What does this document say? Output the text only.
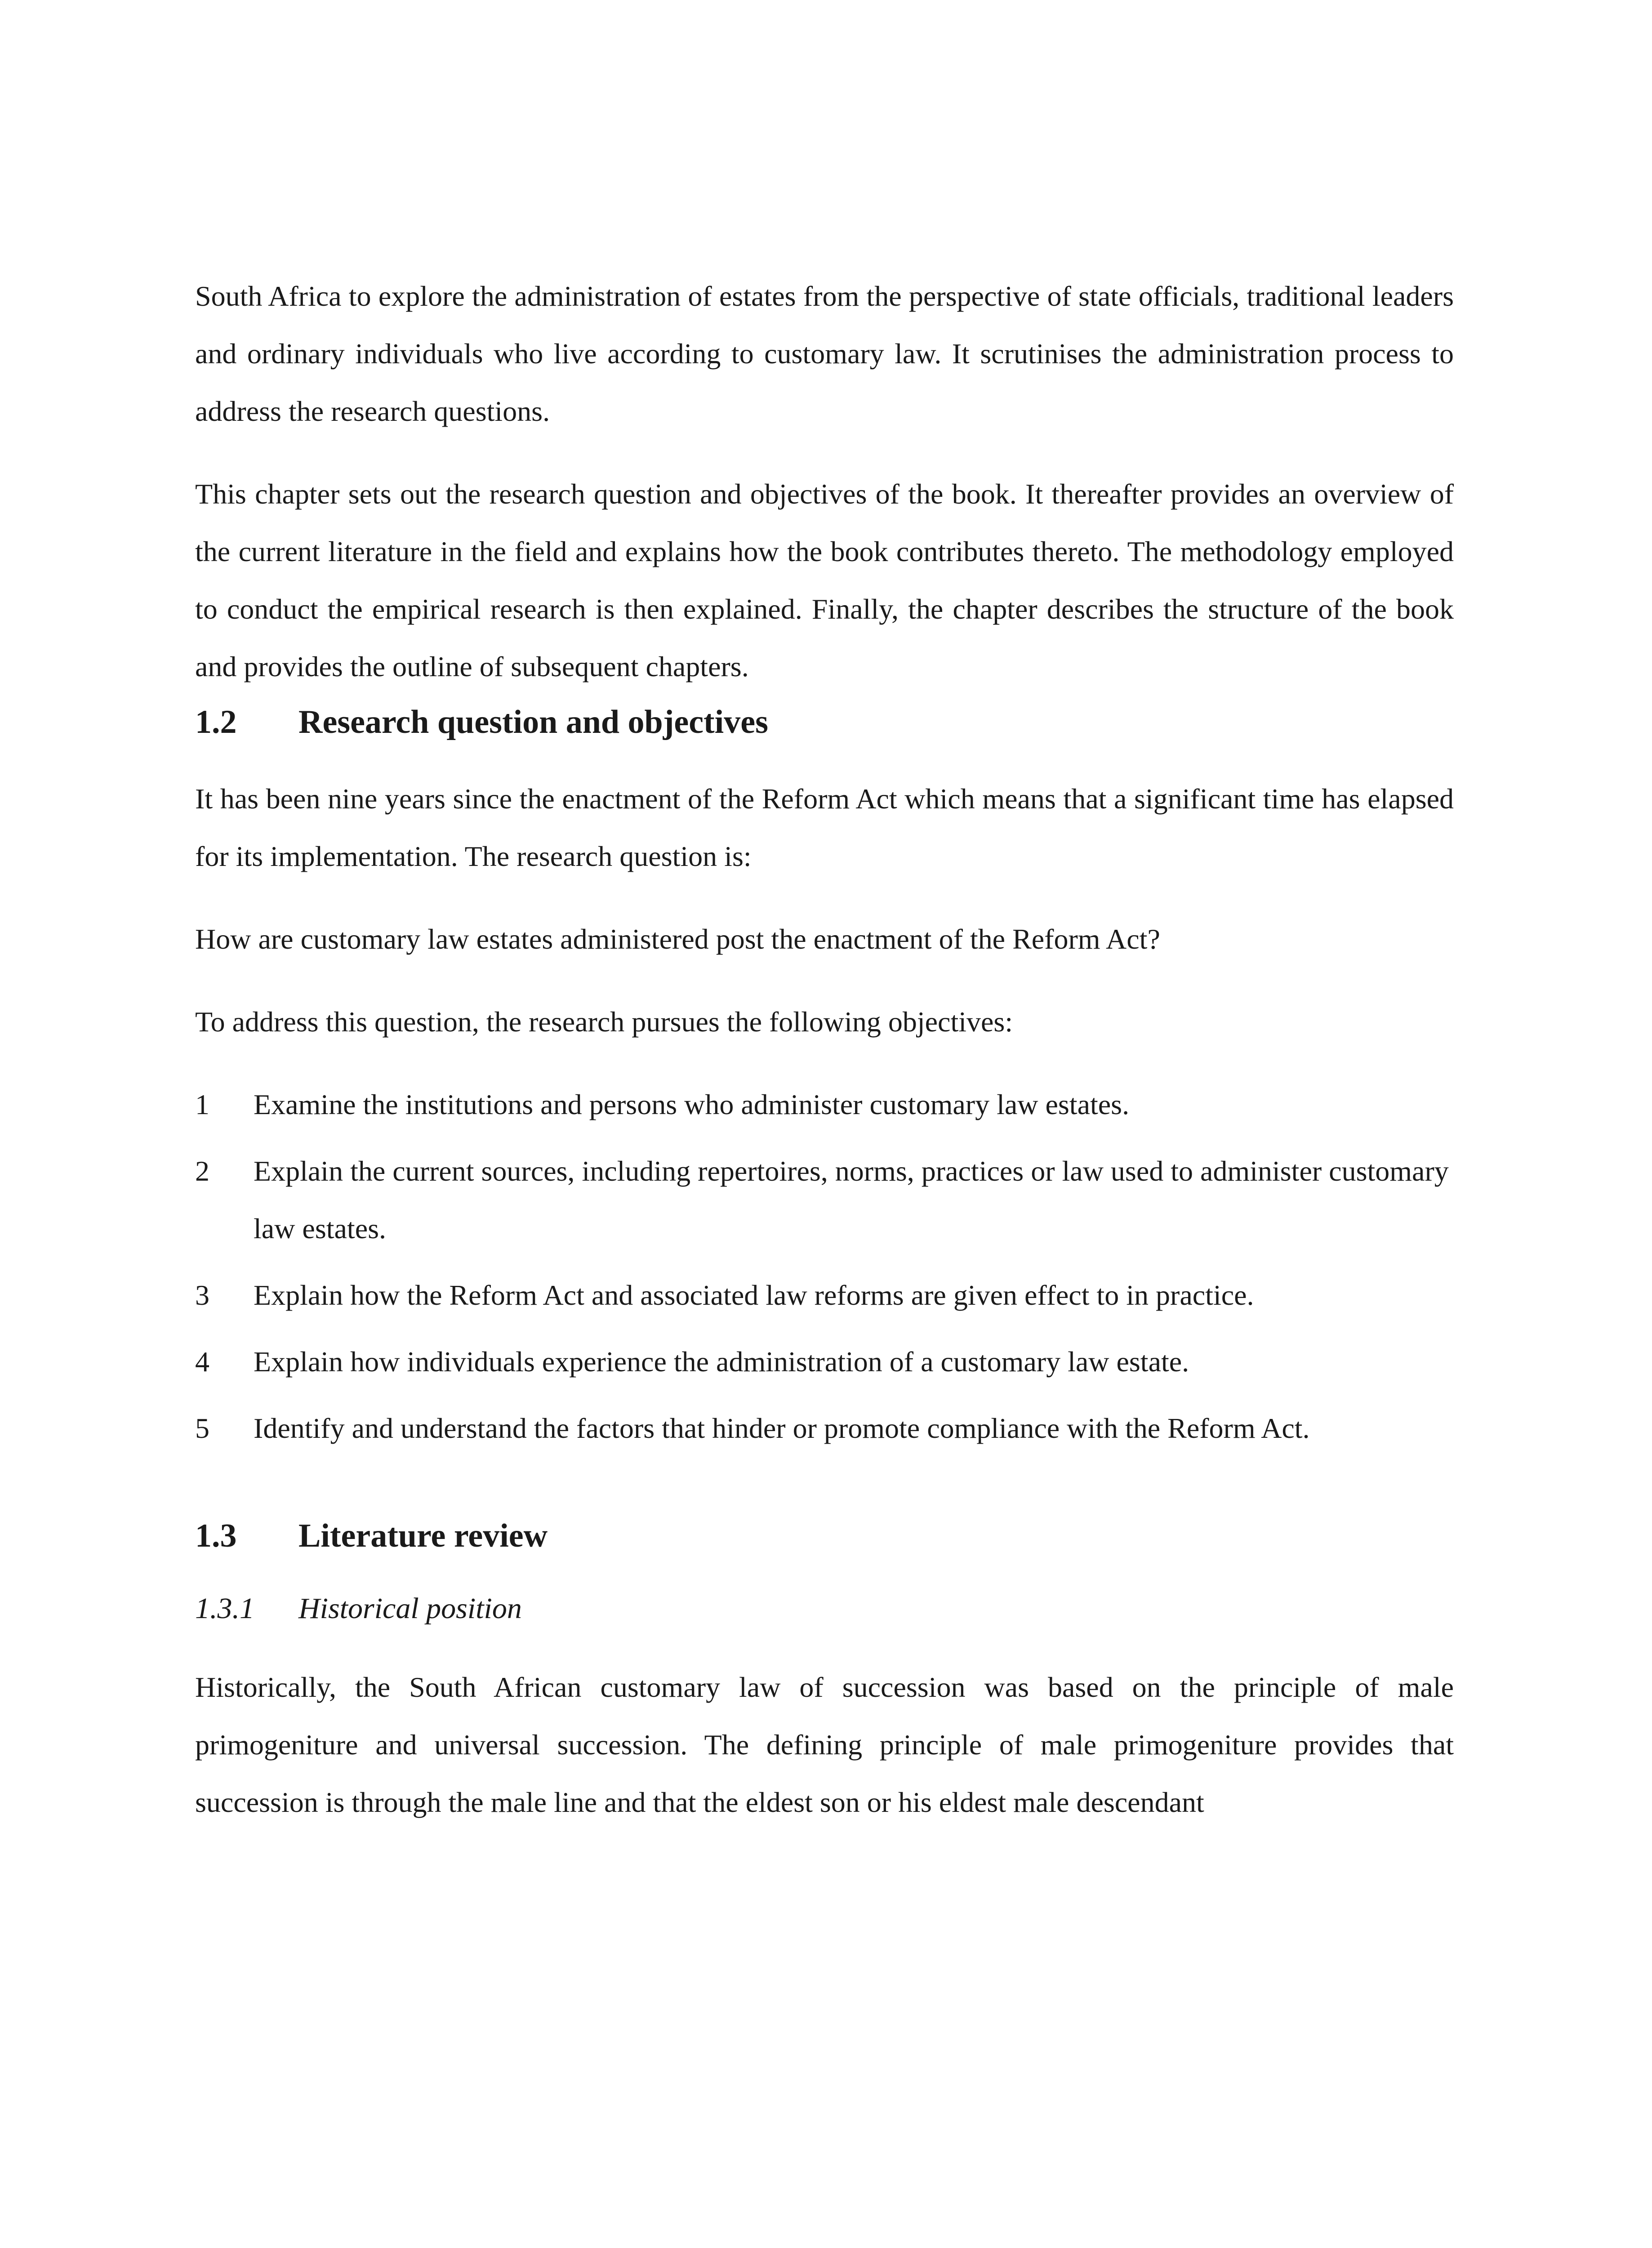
South Africa to explore the administration of estates from the perspective of state officials, traditional leaders and ordinary individuals who live according to customary law. It scrutinises the administration process to address the research questions.

This chapter sets out the research question and objectives of the book. It thereafter provides an overview of the current literature in the field and explains how the book contributes thereto. The methodology employed to conduct the empirical research is then explained. Finally, the chapter describes the structure of the book and provides the outline of subsequent chapters.

1.2	Research question and objectives

It has been nine years since the enactment of the Reform Act which means that a significant time has elapsed for its implementation. The research question is:

How are customary law estates administered post the enactment of the Reform Act?

To address this question, the research pursues the following objectives:

1	Examine the institutions and persons who administer customary law estates.
2	Explain the current sources, including repertoires, norms, practices or law used to administer customary law estates.
3	Explain how the Reform Act and associated law reforms are given effect to in practice.
4	Explain how individuals experience the administration of a customary law estate.
5	Identify and understand the factors that hinder or promote compliance with the Reform Act.
1.3	Literature review
1.3.1	Historical position

Historically, the South African customary law of succession was based on the principle of male primogeniture and universal succession. The defining principle of male primogeniture provides that succession is through the male line and that the eldest son or his eldest male descendant
